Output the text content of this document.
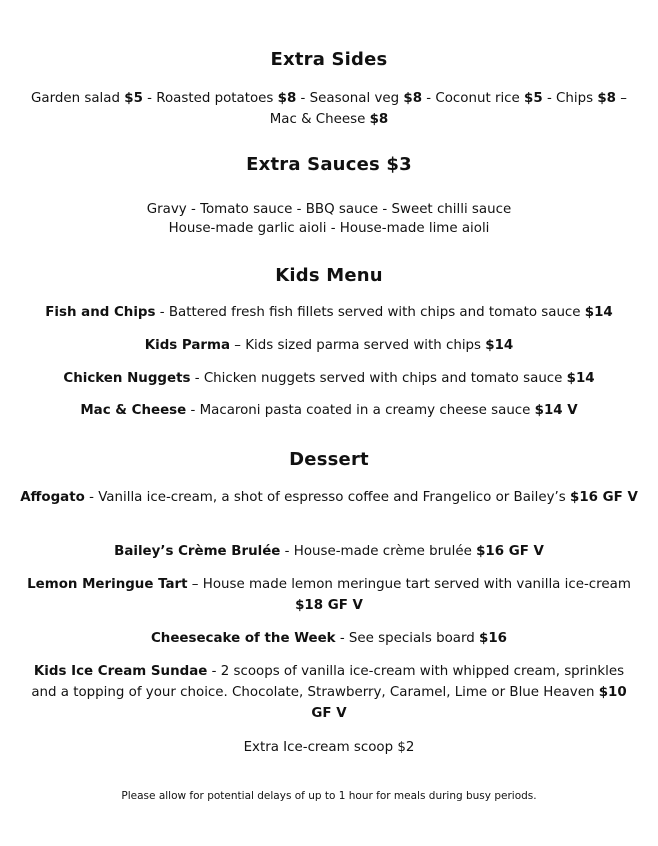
Extra Sides

Garden salad $5 - Roasted potatoes $8 - Seasonal veg $8 - Coconut rice $5 - Chips $8 – Mac & Cheese $8

Extra Sauces $3

Gravy - Tomato sauce - BBQ sauce - Sweet chilli sauce

House-made garlic aioli - House-made lime aioli

Kids Menu

Fish and Chips - Battered fresh fish fillets served with chips and tomato sauce $14

Kids Parma – Kids sized parma served with chips $14

Chicken Nuggets - Chicken nuggets served with chips and tomato sauce $14

Mac & Cheese - Macaroni pasta coated in a creamy cheese sauce $14 V

Dessert

Affogato - Vanilla ice-cream, a shot of espresso coffee and Frangelico or Bailey’s $16 GF V

Bailey’s Crème Brulée - House-made crème brulée $16 GF V

Lemon Meringue Tart – House made lemon meringue tart served with vanilla ice-cream $18 GF V

Cheesecake of the Week - See specials board $16

Kids Ice Cream Sundae - 2 scoops of vanilla ice-cream with whipped cream, sprinkles and a topping of your choice. Chocolate, Strawberry, Caramel, Lime or Blue Heaven $10 GF V

Extra Ice-cream scoop $2

Please allow for potential delays of up to 1 hour for meals during busy periods.
